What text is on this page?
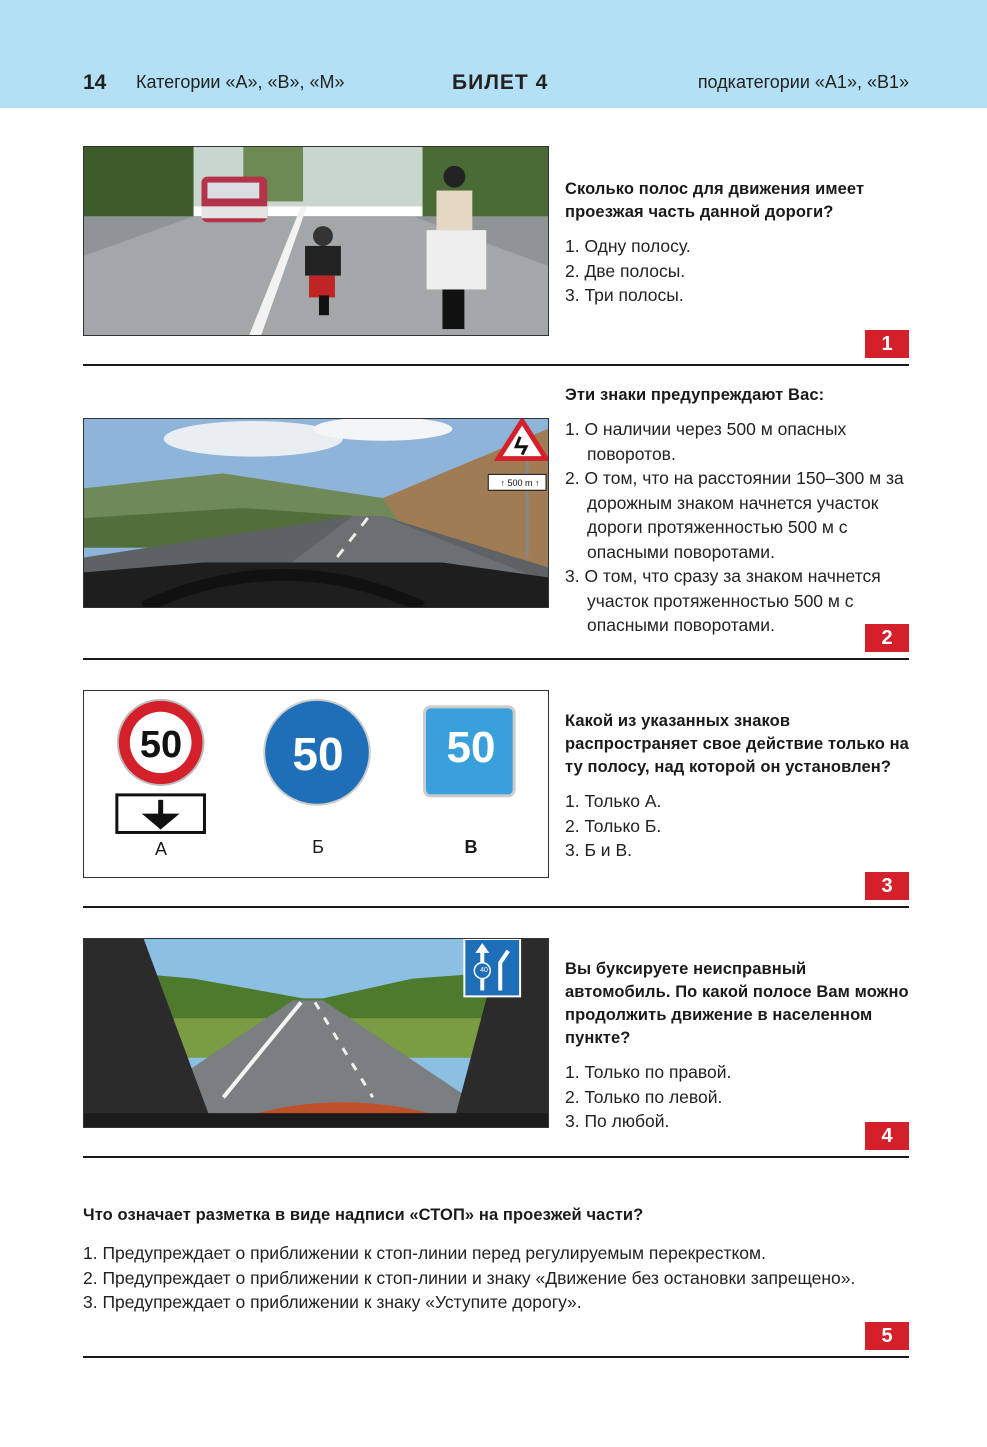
14 Категории «А», «В», «М»	БИЛЕТ 4	подкатегории «А1», «В1»

Сколько полос для движения имеет проезжая часть данной дороги?

1. Одну полосу.
2. Две полосы.
3. Три полосы.
1
↑ 500 m ↑

Эти знаки предупреждают Вас:

1. О наличии через 500 м опасных поворотов.
2. О том, что на расстоянии 150–300 м за дорожным знаком начнется участок дороги протяженностью 500 м с опасными поворотами.
3. О том, что сразу за знаком начнется участок протяженностью 500 м с опасными поворотами.
2
50	50	50
А	Б	В

Какой из указанных знаков распространяет свое действие только на ту полосу, над которой он установлен?

1. Только А.
2. Только Б.
3. Б и В.
3
40	Вы буксируете неисправный автомобиль. По какой полосе Вам можно продолжить движение в населенном пункте?

1. Только по правой.
2. Только по левой.
3. По любой.
4

Что означает разметка в виде надписи «СТОП» на проезжей части?

1. Предупреждает о приближении к стоп-линии перед регулируемым перекрестком.
2. Предупреждает о приближении к стоп-линии и знаку «Движение без остановки запрещено».
3. Предупреждает о приближении к знаку «Уступите дорогу».
5
